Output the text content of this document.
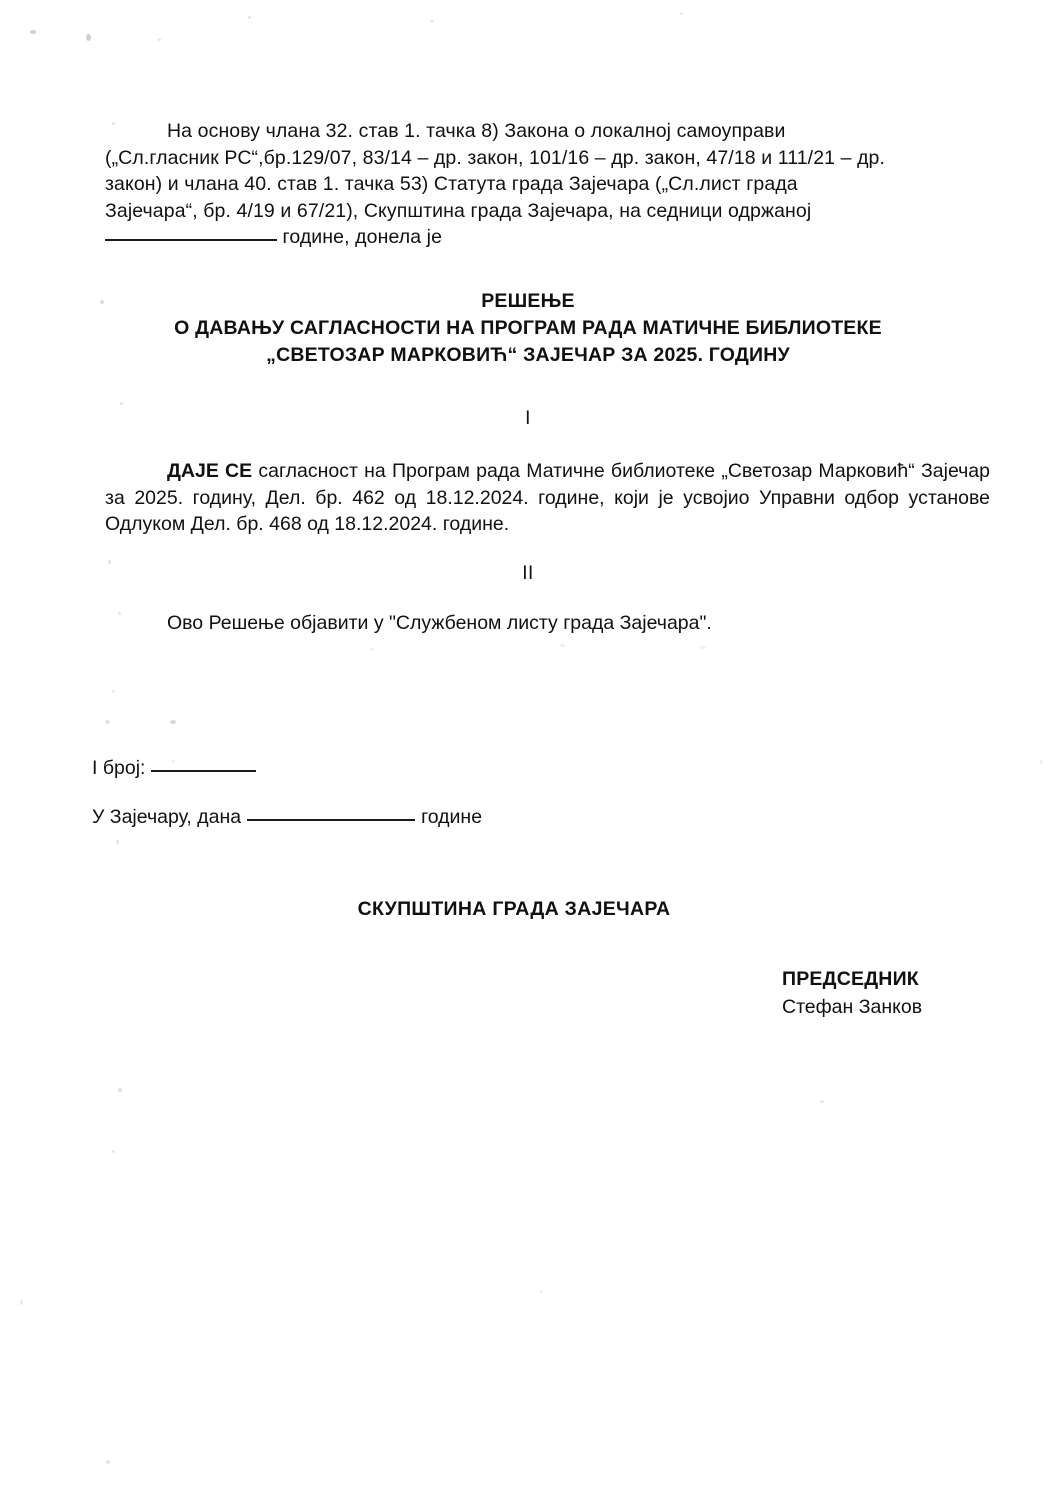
На основу члана 32. став 1. тачка 8) Закона о локалној самоуправи
(„Сл.гласник РС“,бр.129/07, 83/14 – др. закон, 101/16 – др. закон, 47/18 и 111/21 – др.
закон) и члана 40. став 1. тачка 53) Статута града Зајечара („Сл.лист града
Зајечара“, бр. 4/19 и 67/21), Скупштина града Зајечара, на седници одржаној
године, донела је
РЕШЕЊЕ
О ДАВАЊУ САГЛАСНОСТИ НА ПРОГРАМ РАДА МАТИЧНЕ БИБЛИОТЕКЕ
„СВЕТОЗАР МАРКОВИЋ“ ЗАЈЕЧАР ЗА 2025. ГОДИНУ
I
ДАЈЕ СЕ сагласност на Програм рада Матичне библиотеке „Светозар Марковић“ Зајечар за 2025. годину, Дел. бр. 462 од 18.12.2024. године, који је усвојио Управни одбор установе Одлуком Дел. бр. 468 од 18.12.2024. године.
II
Ово Решење објавити у "Службеном листу града Зајечара".
I број:
У Зајечару, дана	године
СКУПШТИНА ГРАДА ЗАЈЕЧАРА
ПРЕДСЕДНИК
Стефан Занков
